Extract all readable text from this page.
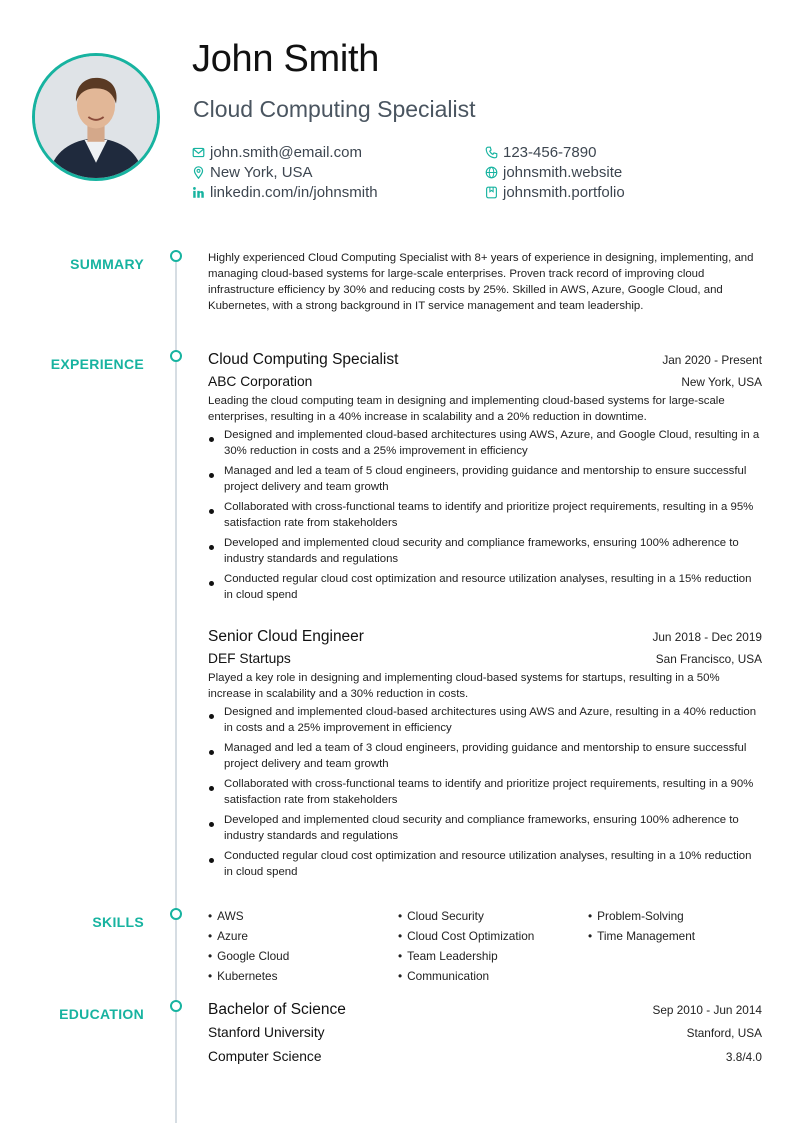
John Smith
Cloud Computing Specialist
john.smith@email.com
New York, USA
linkedin.com/in/johnsmith
123-456-7890
johnsmith.website
johnsmith.portfolio
SUMMARY
EXPERIENCE
SKILLS
EDUCATION

Highly experienced Cloud Computing Specialist with 8+ years of experience in designing, implementing, and managing cloud-based systems for large-scale enterprises. Proven track record of improving cloud infrastructure efficiency by 30% and reducing costs by 25%. Skilled in AWS, Azure, Google Cloud, and Kubernetes, with a strong background in IT service management and team leadership.

Cloud Computing Specialist	Jan 2020 - Present
ABC Corporation	New York, USA

Leading the cloud computing team in designing and implementing cloud-based systems for large-scale enterprises, resulting in a 40% increase in scalability and a 20% reduction in downtime.

Designed and implemented cloud-based architectures using AWS, Azure, and Google Cloud, resulting in a 30% reduction in costs and a 25% improvement in efficiency
Managed and led a team of 5 cloud engineers, providing guidance and mentorship to ensure successful project delivery and team growth
Collaborated with cross-functional teams to identify and prioritize project requirements, resulting in a 95% satisfaction rate from stakeholders
Developed and implemented cloud security and compliance frameworks, ensuring 100% adherence to industry standards and regulations
Conducted regular cloud cost optimization and resource utilization analyses, resulting in a 15% reduction in cloud spend
Senior Cloud Engineer	Jun 2018 - Dec 2019
DEF Startups	San Francisco, USA

Played a key role in designing and implementing cloud-based systems for startups, resulting in a 50% increase in scalability and a 30% reduction in costs.

Designed and implemented cloud-based architectures using AWS and Azure, resulting in a 40% reduction in costs and a 25% improvement in efficiency
Managed and led a team of 3 cloud engineers, providing guidance and mentorship to ensure successful project delivery and team growth
Collaborated with cross-functional teams to identify and prioritize project requirements, resulting in a 90% satisfaction rate from stakeholders
Developed and implemented cloud security and compliance frameworks, ensuring 100% adherence to industry standards and regulations
Conducted regular cloud cost optimization and resource utilization analyses, resulting in a 10% reduction in cloud spend
• AWS
• Azure
• Google Cloud
• Kubernetes
• Cloud Security
• Cloud Cost Optimization
• Team Leadership
• Communication
• Problem-Solving
• Time Management
Bachelor of Science	Sep 2010 - Jun 2014
Stanford University	Stanford, USA
Computer Science	3.8/4.0
